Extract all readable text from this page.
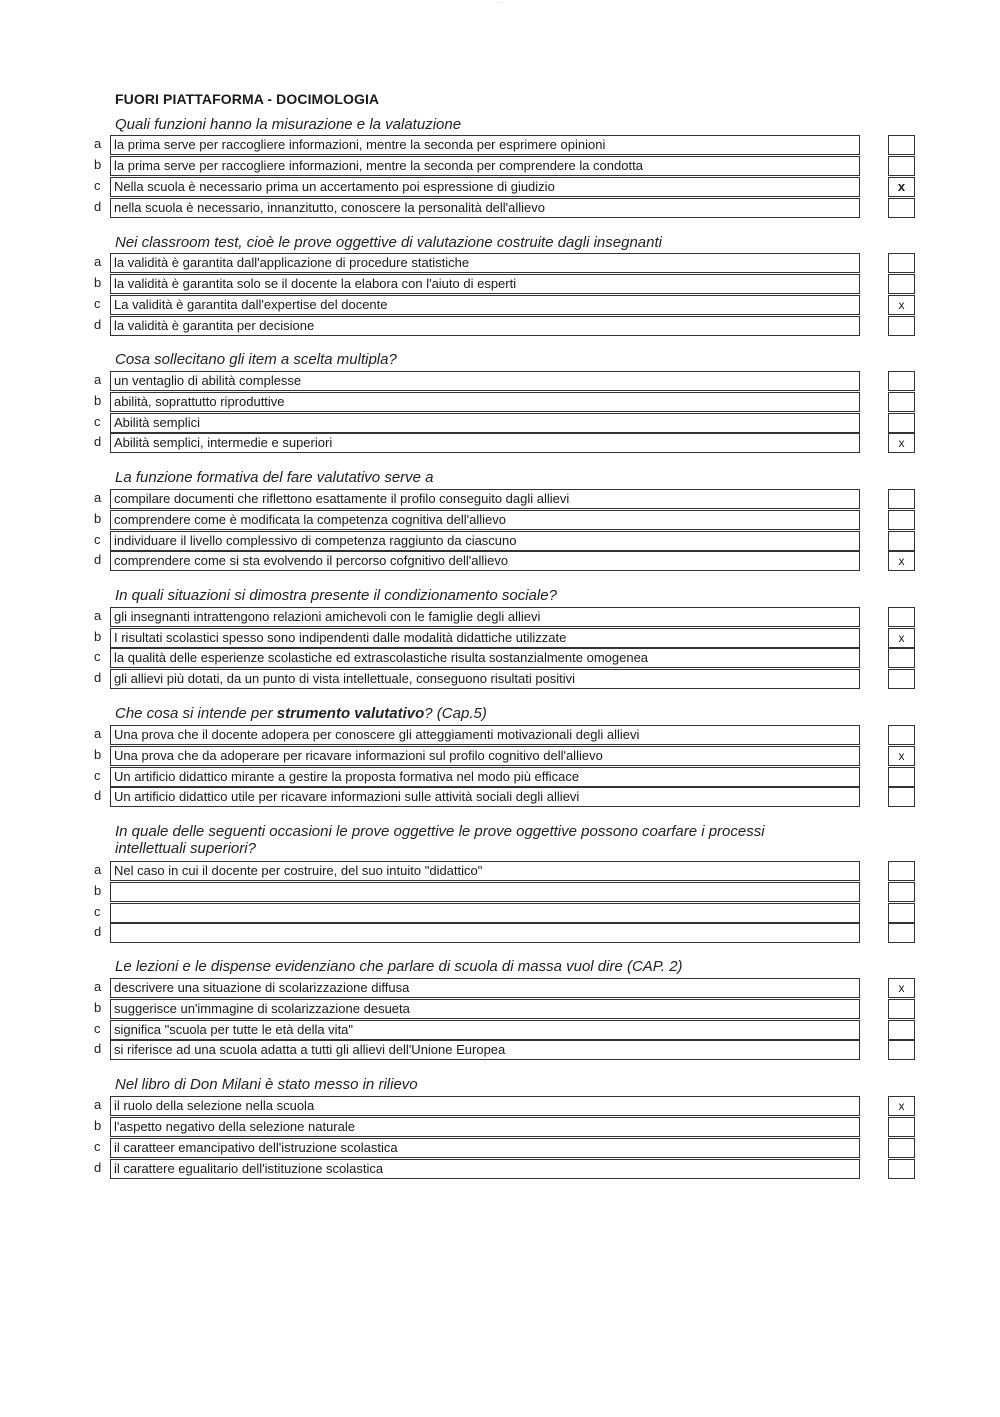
............
FUORI PIATTAFORMA - DOCIMOLOGIA
Quali funzioni hanno la misurazione e la valatuzione
a la prima serve per raccogliere informazioni, mentre la seconda per esprimere opinioni
b la prima serve per raccogliere informazioni, mentre la seconda per comprendere la condotta
c	Nella scuola è necessario prima un accertamento poi espressione di giudizio	x
d nella scuola è necessario, innanzitutto, conoscere la personalità dell'allievo
Nei classroom test, cioè le prove oggettive di valutazione costruite dagli insegnanti
a la validità è garantita dall'applicazione di procedure statistiche
b la validità è garantita solo se il docente la elabora con l'aiuto di esperti
c	La validità è garantita dall'expertise del docente	x
d la validità è garantita per decisione
Cosa sollecitano gli item a scelta multipla?
a un ventaglio di abilità complesse
b abilità, soprattutto riproduttive
c	Abilità semplici
d Abilità semplici, intermedie e superiori	x
La funzione formativa del fare valutativo serve a
a compilare documenti che riflettono esattamente il profilo conseguito dagli allievi
b comprendere come è modificata la competenza cognitiva dell'allievo
c	individuare il livello complessivo di competenza raggiunto da ciascuno
d comprendere come si sta evolvendo il percorso cofgnitivo dell'allievo	x
In quali situazioni si dimostra presente il condizionamento sociale?
a gli insegnanti intrattengono relazioni amichevoli con le famiglie degli allievi
b I risultati scolastici spesso sono indipendenti dalle modalità didattiche utilizzate	x
c	la qualità delle esperienze scolastiche ed extrascolastiche risulta sostanzialmente omogenea
d gli allievi più dotati, da un punto di vista intellettuale, conseguono risultati positivi
Che cosa si intende per strumento valutativo? (Cap.5)
a Una prova che il docente adopera per conoscere gli atteggiamenti motivazionali degli allievi
b Una prova che da adoperare per ricavare informazioni sul profilo cognitivo dell'allievo	x
c	Un artificio didattico mirante a gestire la proposta formativa nel modo più efficace
d Un artificio didattico utile per ricavare informazioni sulle attività sociali degli allievi
In quale delle seguenti occasioni le prove oggettive le prove oggettive possono coarfare i processi intellettuali superiori?
a Nel caso in cui il docente per costruire, del suo intuito "didattico"
b
c
d
Le lezioni e le dispense evidenziano che parlare di scuola di massa vuol dire (CAP. 2)
a descrivere una situazione di scolarizzazione diffusa	x
b suggerisce un'immagine di scolarizzazione desueta
c	significa "scuola per tutte le età della vita"
d si riferisce ad una scuola adatta a tutti gli allievi dell'Unione Europea
Nel libro di Don Milani è stato messo in rilievo
a il ruolo della selezione nella scuola	x
b l'aspetto negativo della selezione naturale
c	il caratteer emancipativo dell'istruzione scolastica
d il carattere egualitario dell'istituzione scolastica
